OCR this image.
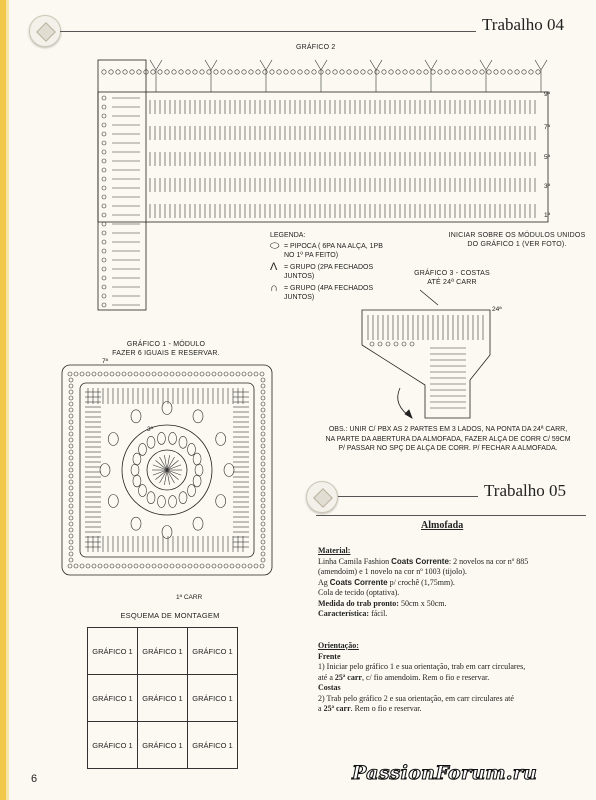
Trabalho 04
GRÁFICO 2
9ª
7ª
5ª
3ª
1ª
INICIAR SOBRE OS MÓDULOS UNIDOS
DO GRÁFICO 1 (VER FOTO).
LEGENDA:
⬭ = PIPOCA ( 6PA NA ALÇA, 1PB
NO 1º PA FEITO)
Λ = GRUPO (2PA FECHADOS
JUNTOS)
∩ = GRUPO (4PA FECHADOS
JUNTOS)
GRÁFICO 3 - COSTAS
ATÉ 24ª CARR
24ª
OBS.: UNIR C/ PBX AS 2 PARTES EM 3 LADOS, NA PONTA DA 24ª CARR,
NA PARTE DA ABERTURA DA ALMOFADA, FAZER ALÇA DE CORR C/ 59CM
P/ PASSAR NO SPÇ DE ALÇA DE CORR. P/ FECHAR A ALMOFADA.
GRÁFICO 1 - MÓDULO
FAZER 6 IGUAIS E RESERVAR.
7ª
3ª
1ª CARR
ESQUEMA DE MONTAGEM
GRÁFICO 1	GRÁFICO 1	GRÁFICO 1
GRÁFICO 1	GRÁFICO 1	GRÁFICO 1
GRÁFICO 1	GRÁFICO 1	GRÁFICO 1
Trabalho 05
Almofada
Material:
Linha Camila Fashion Coats Corrente: 2 novelos na cor nº 885
(amendoim) e 1 novelo na cor nº 1003 (tijolo).
Ag Coats Corrente p/ crochê (1,75mm).
Cola de tecido (optativa).
Medida do trab pronto: 50cm x 50cm.
Característica: fácil.
Orientação:
Frente
1) Iniciar pelo gráfico 1 e sua orientação, trab em carr circulares,
até a 25ª carr, c/ fio amendoim. Rem o fio e reservar.
Costas
2) Trab pelo gráfico 2 e sua orientação, em carr circulares até
a 25ª carr. Rem o fio e reservar.
6	PassionForum.ru
